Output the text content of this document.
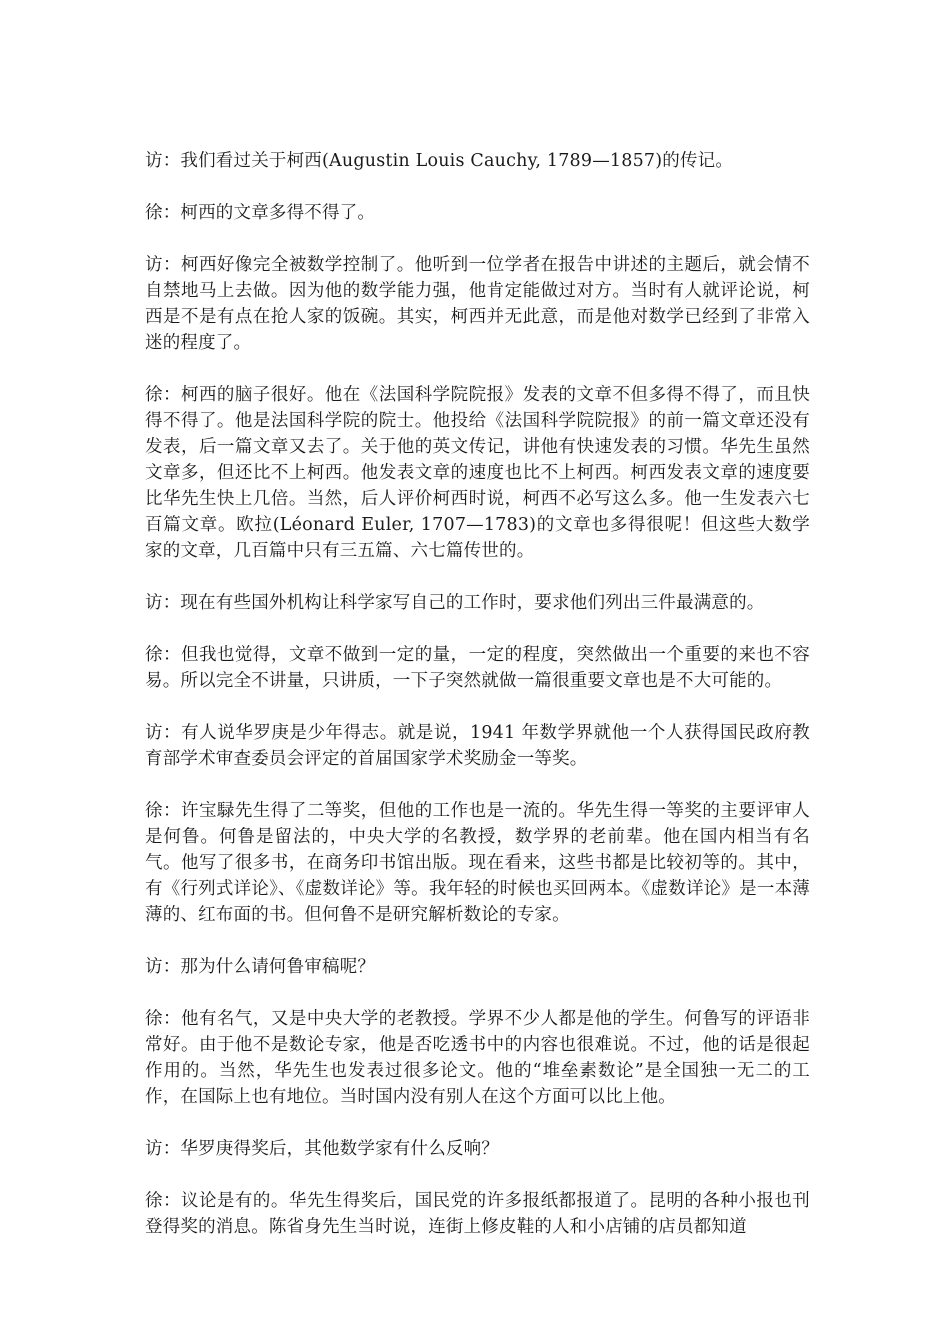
访：我们看过关于柯西(Augustin Louis Cauchy, 1789—1857)的传记。

徐：柯西的文章多得不得了。

访：柯西好像完全被数学控制了。他听到一位学者在报告中讲述的主题后，就会情不自禁地马上去做。因为他的数学能力强，他肯定能做过对方。当时有人就评论说，柯西是不是有点在抢人家的饭碗。其实，柯西并无此意，而是他对数学已经到了非常入迷的程度了。

徐：柯西的脑子很好。他在《法国科学院院报》发表的文章不但多得不得了，而且快得不得了。他是法国科学院的院士。他投给《法国科学院院报》的前一篇文章还没有发表，后一篇文章又去了。关于他的英文传记，讲他有快速发表的习惯。华先生虽然文章多，但还比不上柯西。他发表文章的速度也比不上柯西。柯西发表文章的速度要比华先生快上几倍。当然，后人评价柯西时说，柯西不必写这么多。他一生发表六七百篇文章。欧拉(Léonard Euler, 1707—1783)的文章也多得很呢！但这些大数学家的文章，几百篇中只有三五篇、六七篇传世的。

访：现在有些国外机构让科学家写自己的工作时，要求他们列出三件最满意的。

徐：但我也觉得，文章不做到一定的量，一定的程度，突然做出一个重要的来也不容易。所以完全不讲量，只讲质，一下子突然就做一篇很重要文章也是不大可能的。

访：有人说华罗庚是少年得志。就是说，1941 年数学界就他一个人获得国民政府教育部学术审查委员会评定的首届国家学术奖励金一等奖。

徐：许宝騄先生得了二等奖，但他的工作也是一流的。华先生得一等奖的主要评审人是何鲁。何鲁是留法的，中央大学的名教授，数学界的老前辈。他在国内相当有名气。他写了很多书，在商务印书馆出版。现在看来，这些书都是比较初等的。其中，有《行列式详论》、《虚数详论》等。我年轻的时候也买回两本。《虚数详论》是一本薄薄的、红布面的书。但何鲁不是研究解析数论的专家。

访：那为什么请何鲁审稿呢？

徐：他有名气，又是中央大学的老教授。学界不少人都是他的学生。何鲁写的评语非常好。由于他不是数论专家，他是否吃透书中的内容也很难说。不过，他的话是很起作用的。当然，华先生也发表过很多论文。他的“堆垒素数论”是全国独一无二的工作，在国际上也有地位。当时国内没有别人在这个方面可以比上他。

访：华罗庚得奖后，其他数学家有什么反响？

徐：议论是有的。华先生得奖后，国民党的许多报纸都报道了。昆明的各种小报也刊登得奖的消息。陈省身先生当时说，连街上修皮鞋的人和小店铺的店员都知道
